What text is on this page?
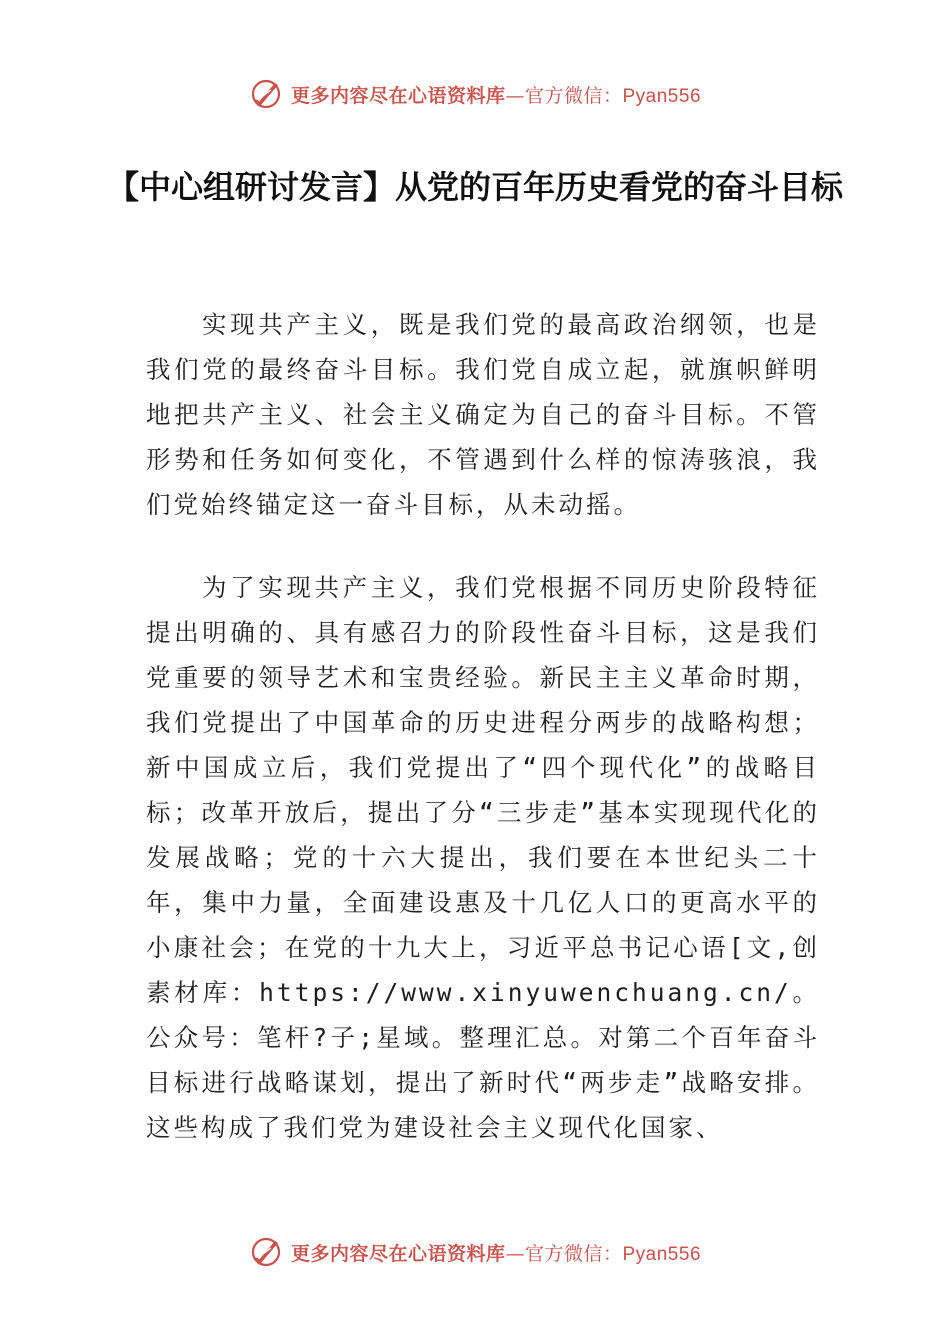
更多内容尽在心语资料库—官方微信：Pyan556
【中心组研讨发言】从党的百年历史看党的奋斗目标

实现共产主义，既是我们党的最高政治纲领，也是我们党的最终奋斗目标。我们党自成立起，就旗帜鲜明地把共产主义、社会主义确定为自己的奋斗目标。不管形势和任务如何变化，不管遇到什么样的惊涛骇浪，我们党始终锚定这一奋斗目标，从未动摇。

为了实现共产主义，我们党根据不同历史阶段特征提出明确的、具有感召力的阶段性奋斗目标，这是我们党重要的领导艺术和宝贵经验。新民主主义革命时期，我们党提出了中国革命的历史进程分两步的战略构想；新中国成立后，我们党提出了“四个现代化”的战略目标；改革开放后，提出了分“三步走”基本实现现代化的发展战略；党的十六大提出，我们要在本世纪头二十年，集中力量，全面建设惠及十几亿人口的更高水平的小康社会；在党的十九大上，习近平总书记心语[文,创素材库：https://www.xinyuwenchuang.cn/。公众号：笔杆?子;星域。整理汇总。对第二个百年奋斗目标进行战略谋划，提出了新时代“两步走”战略安排。这些构成了我们党为建设社会主义现代化国家、

更多内容尽在心语资料库—官方微信：Pyan556
